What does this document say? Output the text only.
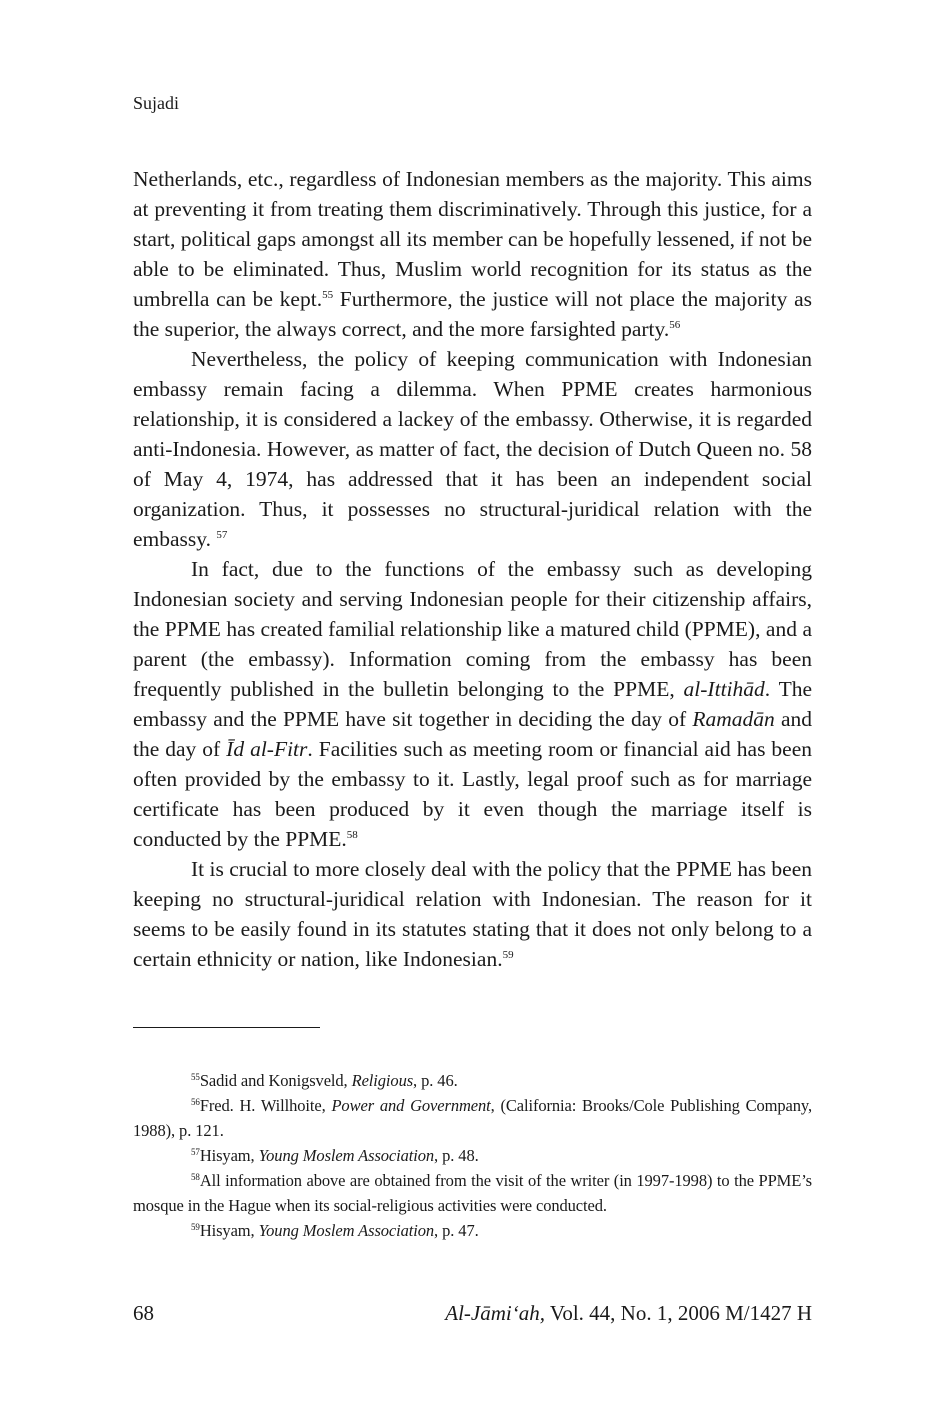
Sujadi

Netherlands, etc., regardless of Indonesian members as the majority. This aims at preventing it from treating them discriminatively. Through this justice, for a start, political gaps amongst all its member can be hopefully lessened, if not be able to be eliminated. Thus, Muslim world recognition for its status as the umbrella can be kept.$^{55}$ Furthermore, the justice will not place the majority as the superior, the always correct, and the more farsighted party.$^{56}$

Nevertheless, the policy of keeping communication with Indonesian embassy remain facing a dilemma. When PPME creates harmonious relationship, it is considered a lackey of the embassy. Otherwise, it is regarded anti-Indonesia. However, as matter of fact, the decision of Dutch Queen no. 58 of May 4, 1974, has addressed that it has been an independent social organization. Thus, it possesses no structural-juridical relation with the embassy. $^{57}$

In fact, due to the functions of the embassy such as developing Indonesian society and serving Indonesian people for their citizenship affairs, the PPME has created familial relationship like a matured child (PPME), and a parent (the embassy). Information coming from the embassy has been frequently published in the bulletin belonging to the PPME, al-Ittihād. The embassy and the PPME have sit together in deciding the day of Ramadān and the day of Īd al-Fitr. Facilities such as meeting room or financial aid has been often provided by the embassy to it. Lastly, legal proof such as for marriage certificate has been produced by it even though the marriage itself is conducted by the PPME.$^{58}$

It is crucial to more closely deal with the policy that the PPME has been keeping no structural-juridical relation with Indonesian. The reason for it seems to be easily found in its statutes stating that it does not only belong to a certain ethnicity or nation, like Indonesian.$^{59}$

$^{55}$Sadid and Konigsveld, Religious, p. 46.

$^{56}$Fred. H. Willhoite, Power and Government, (California: Brooks/Cole Publishing Company, 1988), p. 121.

$^{57}$Hisyam, Young Moslem Association, p. 48.

$^{58}$All information above are obtained from the visit of the writer (in 1997-1998) to the PPME’s mosque in the Hague when its social-religious activities were conducted.

$^{59}$Hisyam, Young Moslem Association, p. 47.

68	Al-Jāmi‘ah, Vol. 44, No. 1, 2006 M/1427 H
